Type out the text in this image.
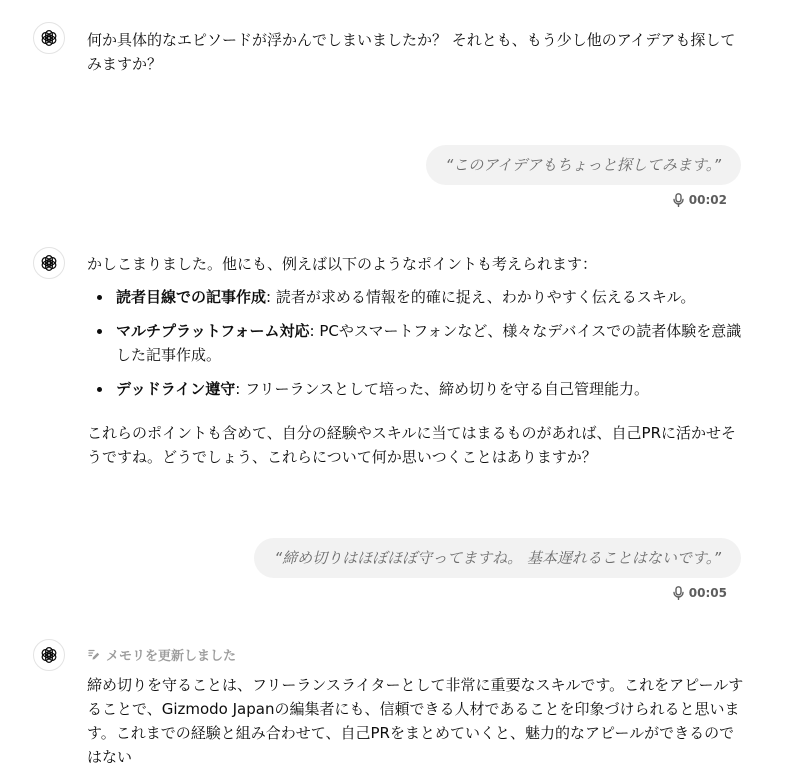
何か具体的なエピソードが浮かんでしまいましたか？ それとも、もう少し他のアイデアも探してみますか？

“このアイデアもちょっと探してみます。”
00:02

かしこまりました。他にも、例えば以下のようなポイントも考えられます：

読者目線での記事作成: 読者が求める情報を的確に捉え、わかりやすく伝えるスキル。
マルチプラットフォーム対応: PCやスマートフォンなど、様々なデバイスでの読者体験を意識した記事作成。
デッドライン遵守: フリーランスとして培った、締め切りを守る自己管理能力。

これらのポイントも含めて、自分の経験やスキルに当てはまるものがあれば、自己PRに活かせそうですね。どうでしょう、これらについて何か思いつくことはありますか？

“締め切りはほぼほぼ守ってますね。 基本遅れることはないです。”
00:05
メモリを更新しました

締め切りを守ることは、フリーランスライターとして非常に重要なスキルです。これをアピールすることで、Gizmodo Japanの編集者にも、信頼できる人材であることを印象づけられると思います。これまでの経験と組み合わせて、自己PRをまとめていくと、魅力的なアピールができるのではない
